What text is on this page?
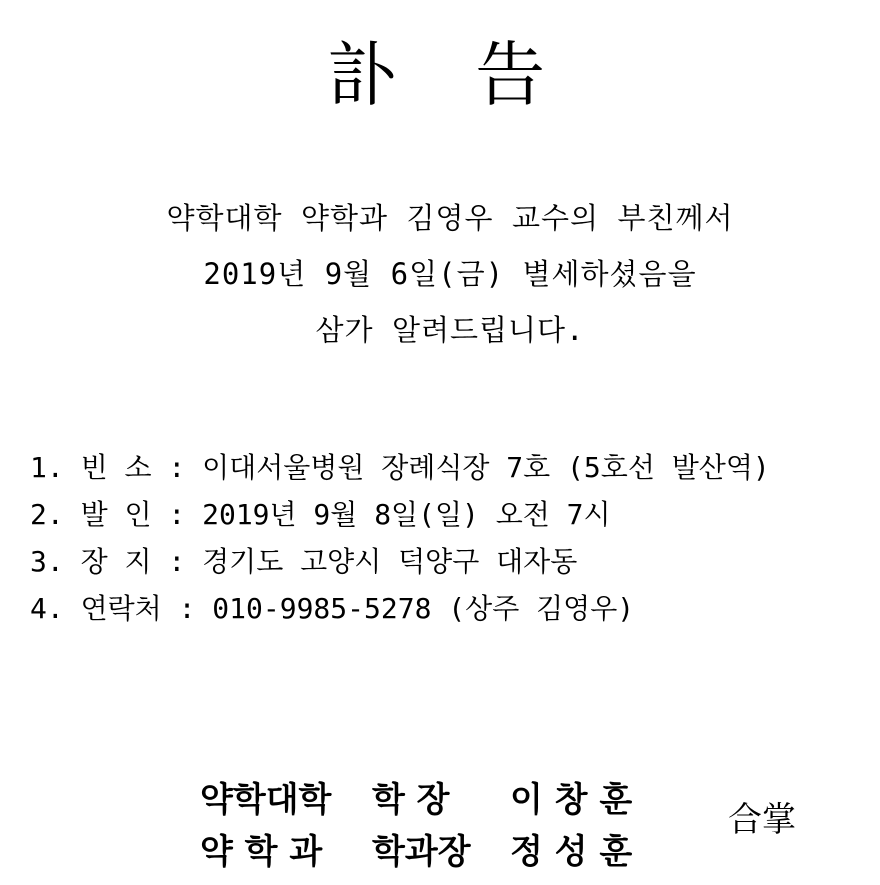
訃 告
약학대학 약학과 김영우 교수의 부친께서
2019년 9월 6일(금) 별세하셨음을
삼가 알려드립니다.
1. 빈 소 : 이대서울병원 장례식장 7호 (5호선 발산역)
2. 발 인 : 2019년 9월 8일(일) 오전 7시
3. 장 지 : 경기도 고양시 덕양구 대자동
4. 연락처 : 010-9985-5278 (상주 김영우)
약학대학	학 장	이 창 훈
약 학 과	학과장	정 성 훈
合掌
